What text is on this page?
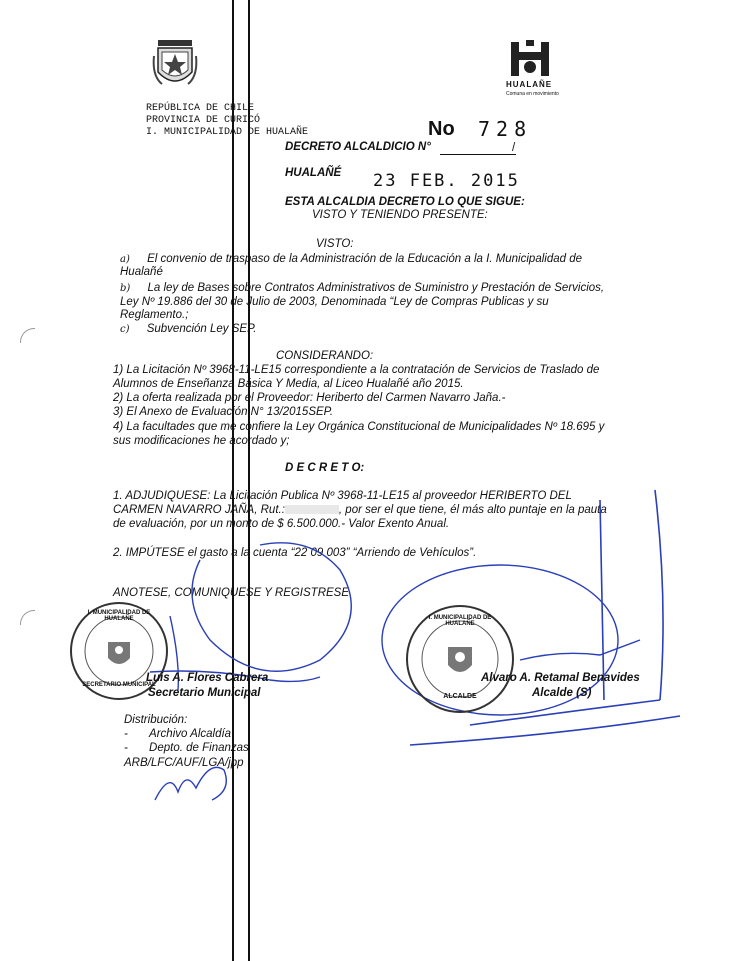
HUALAÑE
Comuna en movimiento
REPÚBLICA DE CHILE
PROVINCIA DE CURICÓ
I. MUNICIPALIDAD DE HUALAÑE
DECRETO ALCALDICIO N°
No 728
/
HUALAÑÉ 23 FEB. 2015
ESTA ALCALDIA DECRETO LO QUE SIGUE:
VISTO Y TENIENDO PRESENTE:
VISTO:
a) El convenio de traspaso de la Administración de la Educación a la I. Municipalidad de
Hualañé
b) La ley de Bases sobre Contratos Administrativos de Suministro y Prestación de Servicios,
Ley Nº 19.886 del 30 de Julio de 2003, Denominada “Ley de Compras Publicas y su
Reglamento.;
c) Subvención Ley SEP.
CONSIDERANDO:
1) La Licitación Nº 3968-11-LE15 correspondiente a la contratación de Servicios de Traslado de
Alumnos de Enseñanza Básica Y Media, al Liceo Hualañé año 2015.
2) La oferta realizada por el Proveedor: Heriberto del Carmen Navarro Jaña.-
3) El Anexo de Evaluación N° 13/2015SEP.
4) La facultades que me confiere la Ley Orgánica Constitucional de Municipalidades Nº 18.695 y
sus modificaciones he acordado y;
D E C R E T O:
1. ADJUDIQUESE: La Licitación Publica Nº 3968-11-LE15 al proveedor HERIBERTO DEL
CARMEN NAVARRO JAÑA, Rut.:	, por ser el que tiene, él más alto puntaje en la pauta
de evaluación, por un monto de $ 6.500.000.- Valor Exento Anual.
2. IMPÚTESE el gasto a la cuenta “22 09 003” “Arriendo de Vehículos”.
ANOTESE, COMUNIQUESE Y REGISTRESE
I. MUNICIPALIDAD DE HUALAÑE
SECRETARIO MUNICIPAL
I. MUNICIPALIDAD DE HUALAÑE
ALCALDE
Luis A. Flores Cabrera
Secretario Municipal
Alvaro A. Retamal Benavides
Alcalde (S)
Distribución:
- Archivo Alcaldía
- Depto. de Finanzas
ARB/LFC/AUF/LGA/jpp
